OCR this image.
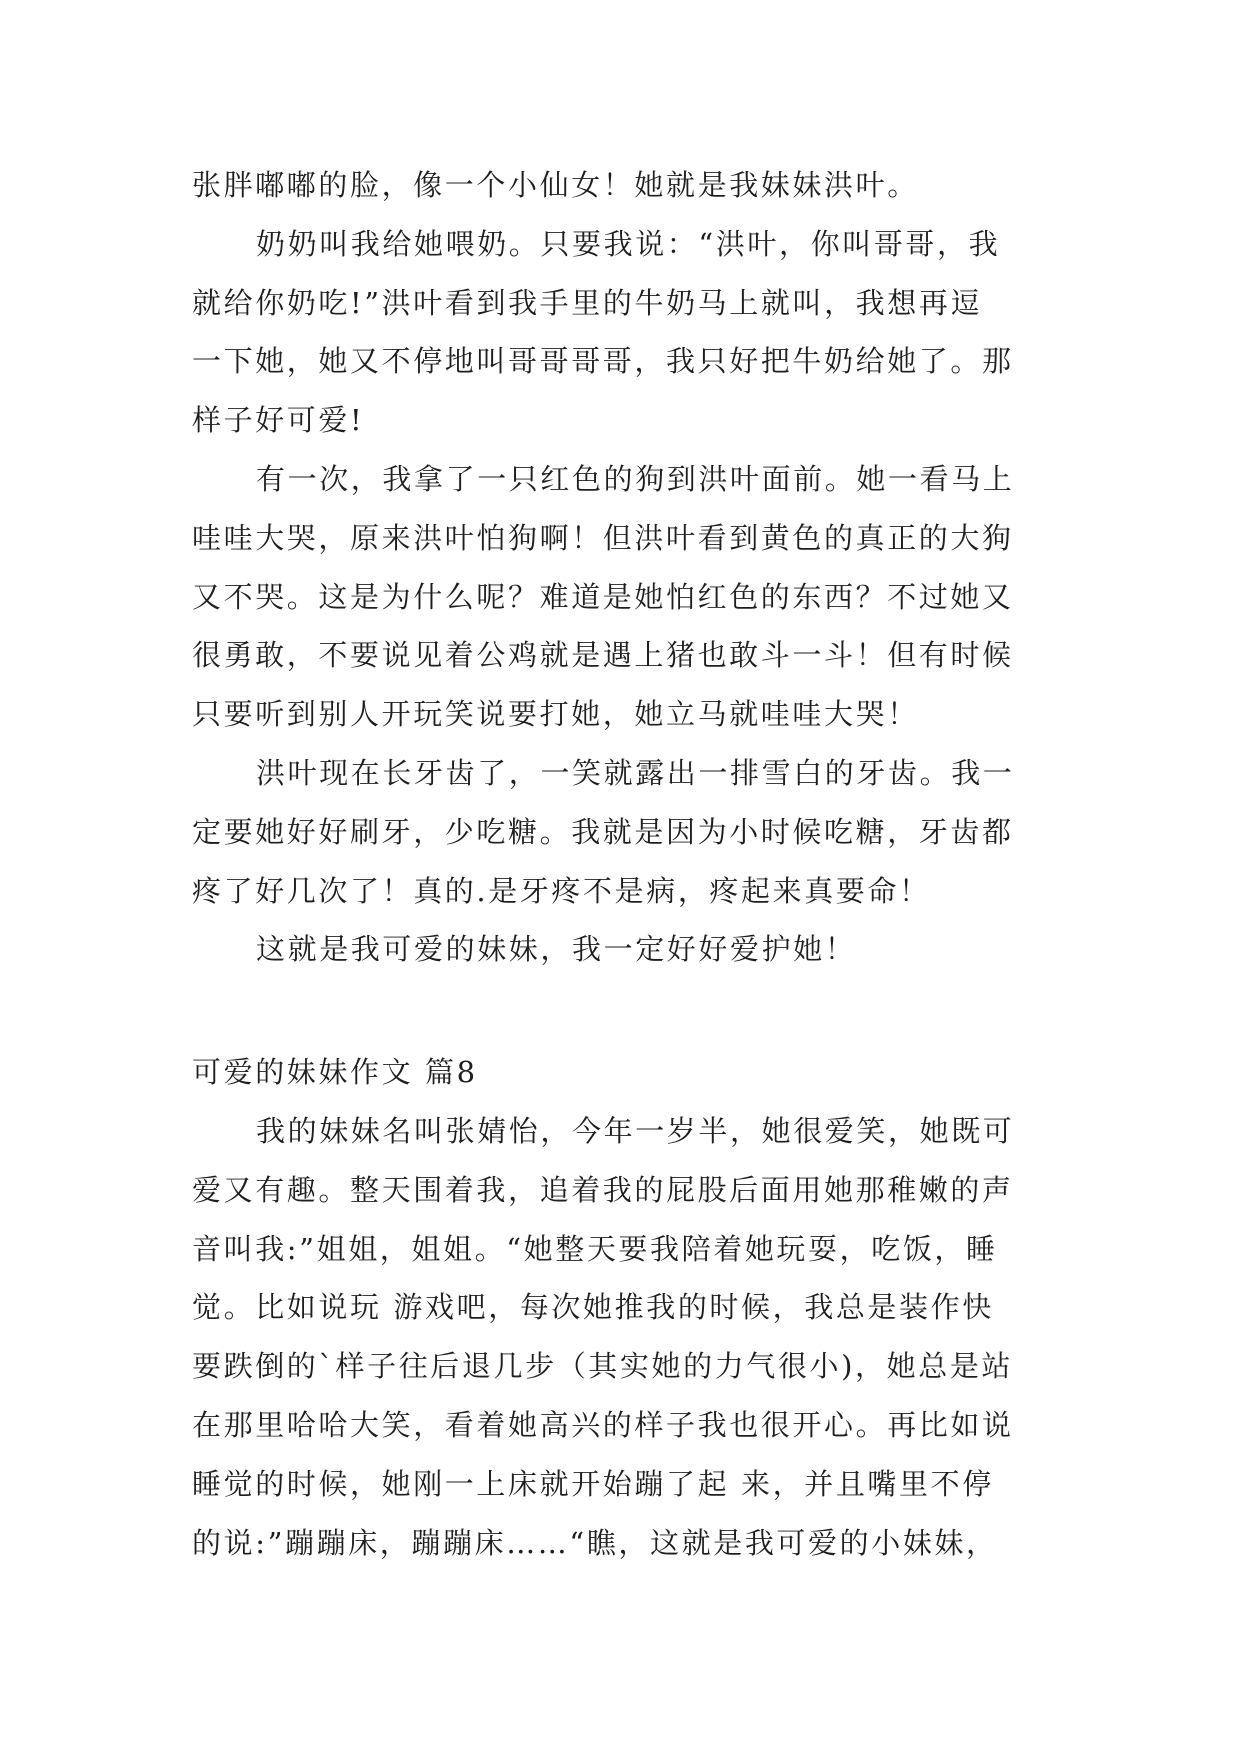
张胖嘟嘟的脸，像一个小仙女！她就是我妹妹洪叶。
奶奶叫我给她喂奶。只要我说：“洪叶，你叫哥哥，我
就给你奶吃!”洪叶看到我手里的牛奶马上就叫，我想再逗
一下她，她又不停地叫哥哥哥哥，我只好把牛奶给她了。那
样子好可爱!
有一次，我拿了一只红色的狗到洪叶面前。她一看马上
哇哇大哭，原来洪叶怕狗啊！但洪叶看到黄色的真正的大狗
又不哭。这是为什么呢？难道是她怕红色的东西？不过她又
很勇敢，不要说见着公鸡就是遇上猪也敢斗一斗！但有时候
只要听到别人开玩笑说要打她，她立马就哇哇大哭！
洪叶现在长牙齿了，一笑就露出一排雪白的牙齿。我一
定要她好好刷牙，少吃糖。我就是因为小时候吃糖，牙齿都
疼了好几次了！真的.是牙疼不是病，疼起来真要命！
这就是我可爱的妹妹，我一定好好爱护她！
可爱的妹妹作文 篇8
我的妹妹名叫张婧怡，今年一岁半，她很爱笑，她既可
爱又有趣。整天围着我，追着我的屁股后面用她那稚嫩的声
音叫我:”姐姐，姐姐。“她整天要我陪着她玩耍，吃饭，睡
觉。比如说玩 游戏吧，每次她推我的时候，我总是装作快
要跌倒的`样子往后退几步（其实她的力气很小)，她总是站
在那里哈哈大笑，看着她高兴的样子我也很开心。再比如说
睡觉的时候，她刚一上床就开始蹦了起 来，并且嘴里不停
的说:”蹦蹦床，蹦蹦床……“瞧，这就是我可爱的小妹妹，
